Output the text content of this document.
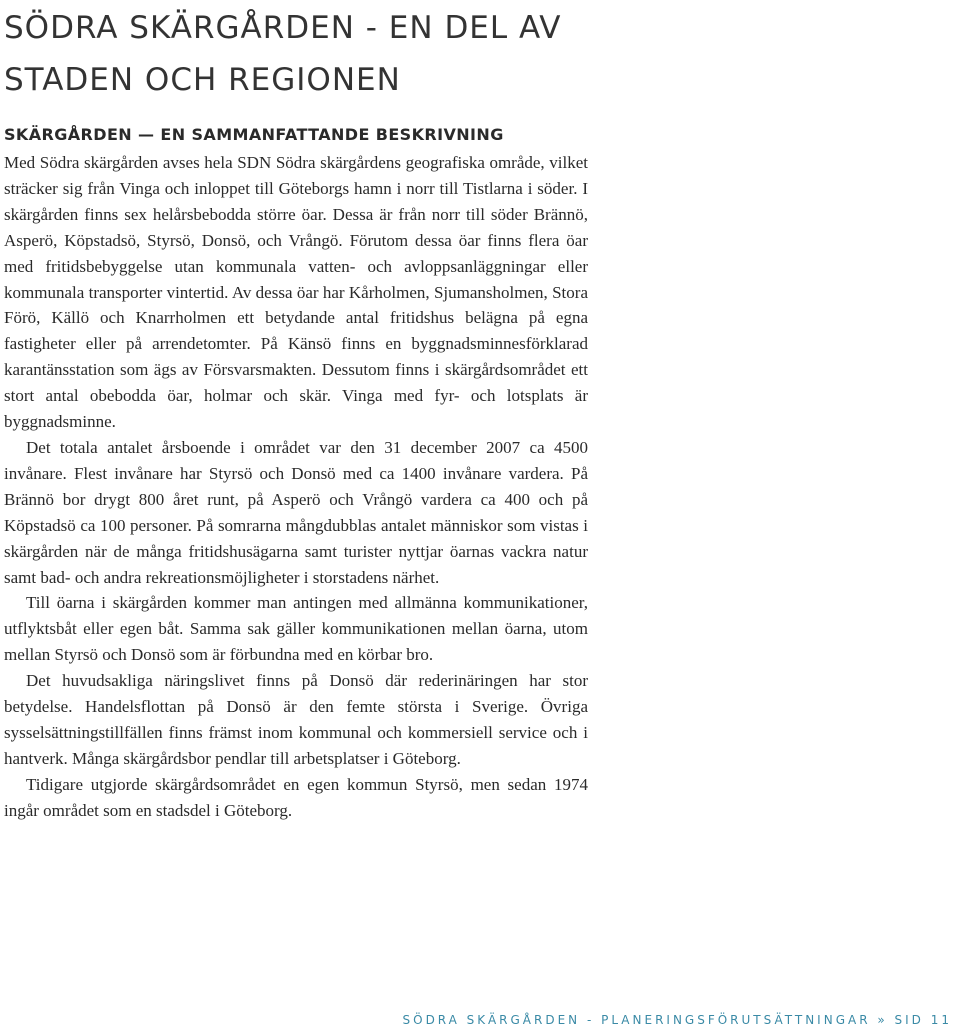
SÖDRA SKÄRGÅRDEN - EN DEL AV STADEN OCH REGIONEN
SKÄRGÅRDEN — EN SAMMANFATTANDE BESKRIVNING

Med Södra skärgården avses hela SDN Södra skärgårdens geografiska område, vilket sträcker sig från Vinga och inloppet till Göteborgs hamn i norr till Tistlarna i söder. I skärgården finns sex helårsbebodda större öar. Dessa är från norr till söder Brännö, Asperö, Köpstadsö, Styrsö, Donsö, och Vrångö. Förutom dessa öar finns flera öar med fritidsbebyggelse utan kommunala vatten- och avloppsanläggningar eller kommunala transporter vintertid. Av dessa öar har Kårholmen, Sjumansholmen, Stora Förö, Källö och Knarrholmen ett betydande antal fritidshus belägna på egna fastigheter eller på arrendetomter. På Känsö finns en byggnadsminnesförklarad karantänsstation som ägs av Försvarsmakten. Dessutom finns i skärgårdsområdet ett stort antal obebodda öar, holmar och skär. Vinga med fyr- och lotsplats är byggnadsminne.

Det totala antalet årsboende i området var den 31 december 2007 ca 4500 invånare. Flest invånare har Styrsö och Donsö med ca 1400 invånare vardera. På Brännö bor drygt 800 året runt, på Asperö och Vrångö vardera ca 400 och på Köpstadsö ca 100 personer. På somrarna mångdubblas antalet människor som vistas i skärgården när de många fritidshusägarna samt turister nyttjar öarnas vackra natur samt bad- och andra rekreationsmöjligheter i storstadens närhet.

Till öarna i skärgården kommer man antingen med allmänna kommunikationer, utflyktsbåt eller egen båt. Samma sak gäller kommunikationen mellan öarna, utom mellan Styrsö och Donsö som är förbundna med en körbar bro.

Det huvudsakliga näringslivet finns på Donsö där rederinäringen har stor betydelse. Handelsflottan på Donsö är den femte största i Sverige. Övriga sysselsättningstillfällen finns främst inom kommunal och kommersiell service och i hantverk. Många skärgårdsbor pendlar till arbetsplatser i Göteborg.

Tidigare utgjorde skärgårdsområdet en egen kommun Styrsö, men sedan 1974 ingår området som en stadsdel i Göteborg.

SÖDRA SKÄRGÅRDEN - PLANERINGSFÖRUTSÄTTNINGAR » SID 11
